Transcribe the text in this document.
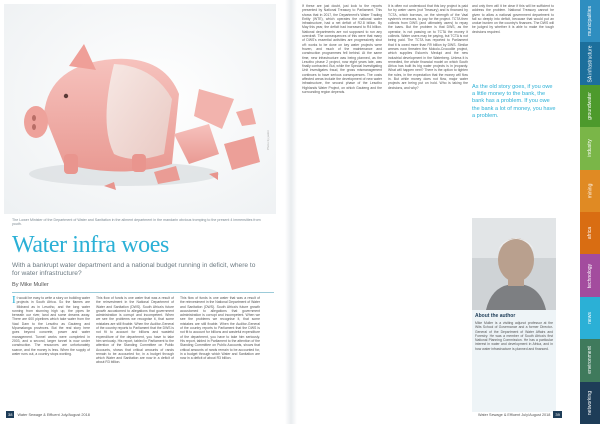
Photo by jasbir
The Lower Minister of the Department of Water and Sanitation in the ailment department in the mandarin obvious tromping to the present 4 immensities from youth.
Water infra woes
With a bankrupt water department and a national budget running in deficit, where to for water infrastructure?
By Mike Muller
It would be easy to write a story on building water projects in South Africa. So the flames are Midrand as in Lesotho, and the long water running from stunning high up, the pipes lie beneath our river, land and some dreams away. There are 600 pipelines which take water from the Vaal Dam to the Lesotho as Gauteng and Mpumalanga provinces. But the real story here goes beyond concrete, power and water management. Tunnel works were completed in 2003, and a second, larger tunnel is now under construction. The resources are unfortunately scarce, and the money is less. When the supply of water runs out, a country stops working.
This flow of funds is one water that was a result of the reinvestment in the National Department of Water and Sanitation (DWS). South Africa's future growth accustomed to allegations that government administration is corrupt and incompetent. When we see the problems we recognise it, that some mistakes are still fixable. When the Auditor-General of the country reports to Parliament that the DWS is not fit to account for billions and wasteful expenditure of the department, you have to take him seriously. His report, tabled in Parliament to the attention of the Standing Committee on Public Accounts, shows that critical amounts of rands remain to be accounted for, in a budget through which Water and Sanitation are now in a deficit of about R3 billion.
This flow of funds is one water that was a result of the reinvestment in the National Department of Water and Sanitation (DWS). South Africa's future growth accustomed to allegations that government administration is corrupt and incompetent. When we see the problems we recognise it, that some mistakes are still fixable. When the Auditor-General of the country reports to Parliament that the DWS is not fit to account for billions and wasteful expenditure of the department, you have to take him seriously. His report, tabled in Parliament to the attention of the Standing Committee on Public Accounts, shows that critical amounts of rands remain to be accounted for, in a budget through which Water and Sanitation are now in a deficit of about R3 billion.
38	Water Sewage & Effluent July/August 2018
If these are just doubt, just look to the reports presented by National Treasury to Parliament. This shows that in 2017, the Department's Water Trading Entity (WTE), which operates the national water infrastructure, had a net deficit of R2.8 billion. By May this year, the deficit had increased to R4 billion. National departments are not supposed to run any overdraft. The consequences of this were that many of DWS's essential activities are progressively shut off: works to be done on key water projects were frozen, and much of the maintenance and construction programmes fell behind. At the same time, new infrastructure was being planned, as the Lesotho phase 2 project, now eight years late, was finally contracted. But, while the Special Investigating Unit investigates fraud, the gross mismanagement continues to have serious consequences. The costs affected areas include the development of new water infrastructure, the second phase of the Lesotho Highlands Water Project, on which Gauteng and the surrounding region depends.
It is often not understood that this key project is paid for by water users (not Treasury) and is financed by TCTA, which borrows, on the strength of the Vaal system's revenues, to pay for the project. TCTA then collects from DWS (and ultimately users) to repay the loans. But the problem is that DWS, as the operator, is not passing on to TCTA the money it collects. Water users may be paying, but TCTA is not being paid. The TCTA has reported to Parliament that it is owed more than R9 billion by DWS. Similar arrears now threaten the Mokolo-Crocodile project, which supplies Eskom's Medupi and the new industrial development in the Waterberg. Unless it is remedied, the whole financial model on which South Africa has built its big water projects is in jeopardy. What will happen next? There is the option to tighten the rules, in the expectation that the money will flow in. But while money does not flow, major water projects are being put on hold. Who is taking the decisions, and why?
and only then will it be clear if this will be sufficient to address the problem. National Treasury cannot be given to allow a national government department to fall so deeply into deficit, because that would put an undue burden on the country's finances. The DWS will be judged by whether it is able to make the tough decisions required.
As the old story goes, if you owe a little money to the bank, the bank has a problem. If you owe the bank a lot of money, you have a problem.
About the author
Mike Muller is a visiting adjunct professor at the Wits School of Governance and a former Director-General of the Department of Water Affairs and Forestry. He was a member of South Africa's first National Planning Commission. He has a particular interest in water and development in Africa, and in how water infrastructure is planned and financed.
Water Sewage & Effluent July/August 2018	39
municipalities
SA infrastructure
groundwater
industry
mining
africa
technology
news
environment
networking
